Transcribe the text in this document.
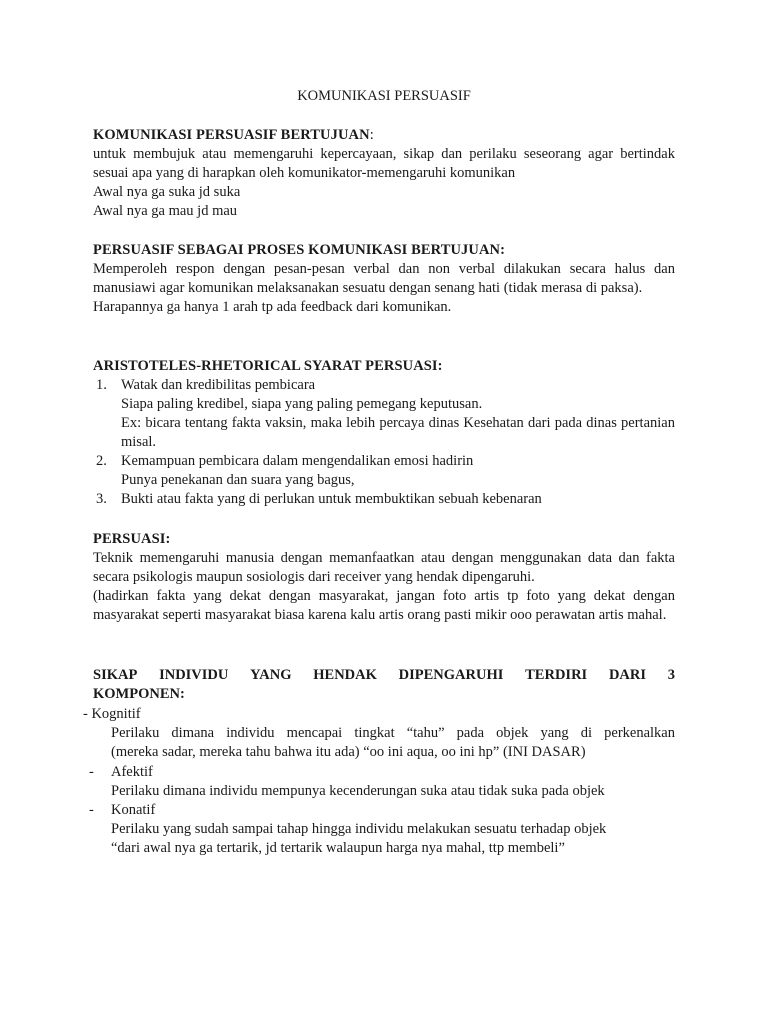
KOMUNIKASI PERSUASIF

KOMUNIKASI PERSUASIF BERTUJUAN:

untuk membujuk atau memengaruhi kepercayaan, sikap dan perilaku seseorang agar bertindak sesuai apa yang di harapkan oleh komunikator-memengaruhi komunikan

Awal nya ga suka jd suka

Awal nya ga mau jd mau

PERSUASIF SEBAGAI PROSES KOMUNIKASI BERTUJUAN:

Memperoleh respon dengan pesan-pesan verbal dan non verbal dilakukan secara halus dan manusiawi agar komunikan melaksanakan sesuatu dengan senang hati (tidak merasa di paksa).

Harapannya ga hanya 1 arah tp ada feedback dari komunikan.

ARISTOTELES-RHETORICAL SYARAT PERSUASI:

1. Watak dan kredibilitas pembicara

Siapa paling kredibel, siapa yang paling pemegang keputusan.

Ex: bicara tentang fakta vaksin, maka lebih percaya dinas Kesehatan dari pada dinas pertanian misal.

2. Kemampuan pembicara dalam mengendalikan emosi hadirin

Punya penekanan dan suara yang bagus,

3. Bukti atau fakta yang di perlukan untuk membuktikan sebuah kebenaran

PERSUASI:

Teknik memengaruhi manusia dengan memanfaatkan atau dengan menggunakan data dan fakta secara psikologis maupun sosiologis dari receiver yang hendak dipengaruhi.

(hadirkan fakta yang dekat dengan masyarakat, jangan foto artis tp foto yang dekat dengan masyarakat seperti masyarakat biasa karena kalu artis orang pasti mikir ooo perawatan artis mahal.

SIKAP INDIVIDU YANG HENDAK DIPENGARUHI TERDIRI DARI 3
KOMPONEN:
- Kognitif

Perilaku dimana individu mencapai tingkat “tahu” pada objek yang di perkenalkan

(mereka sadar, mereka tahu bahwa itu ada) “oo ini aqua, oo ini hp” (INI DASAR)

- Afektif

Perilaku dimana individu mempunya kecenderungan suka atau tidak suka pada objek

- Konatif

Perilaku yang sudah sampai tahap hingga individu melakukan sesuatu terhadap objek

“dari awal nya ga tertarik, jd tertarik walaupun harga nya mahal, ttp membeli”
